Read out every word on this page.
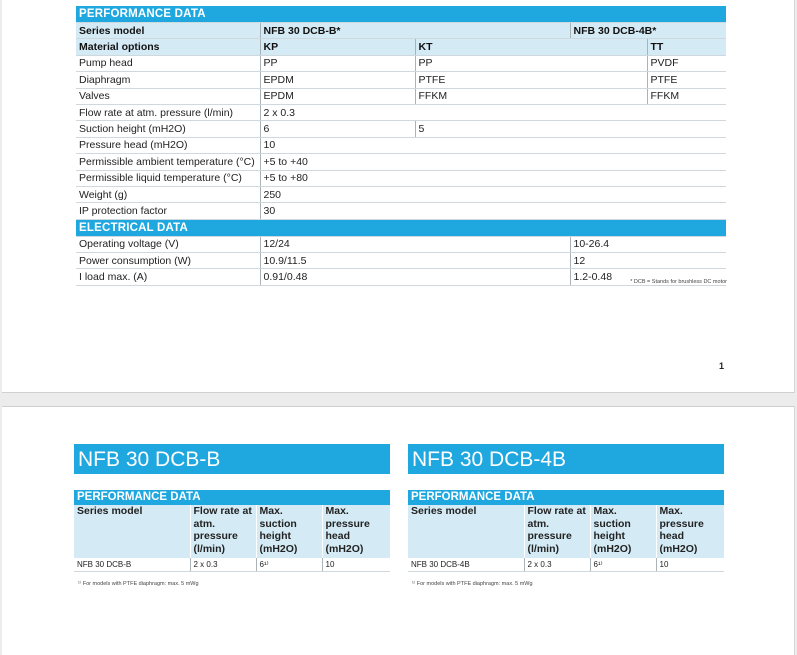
PERFORMANCE DATA				
Series model	NFB 30 DCB-B*		NFB 30 DCB-4B*	
Material options	KP	KT		TT
Pump head	PP	PP		PVDF
Diaphragm	EPDM	PTFE		PTFE
Valves	EPDM	FFKM		FFKM
Flow rate at atm. pressure (l/min)	2 x 0.3			
Suction height (mH2O)	6	5		
Pressure head (mH2O)	10			
Permissible ambient temperature (°C)	+5 to +40			
Permissible liquid temperature (°C)	+5 to +80			
Weight (g)	250			
IP protection factor	30			
ELECTRICAL DATA				
Operating voltage (V)	12/24		10-26.4	
Power consumption (W)	10.9/11.5		12	
I load max. (A)	0.91/0.48		1.2-0.48		* DCB = Stands for brushless DC motor
1
NFB 30 DCB-B	NFB 30 DCB-4B
PERFORMANCE DATA			
Series model	Flow rate at atm. pressure (l/min)	Max. suction height (mH2O)	Max. pressure head (mH2O)
NFB 30 DCB-B	2 x 0.3	6¹⁾	10
¹⁾ For models with PTFE diaphragm: max. 5 mWg
PERFORMANCE DATA			
Series model	Flow rate at atm. pressure (l/min)	Max. suction height (mH2O)	Max. pressure head (mH2O)
NFB 30 DCB-4B	2 x 0.3	6¹⁾	10
¹⁾ For models with PTFE diaphragm: max. 5 mWg
